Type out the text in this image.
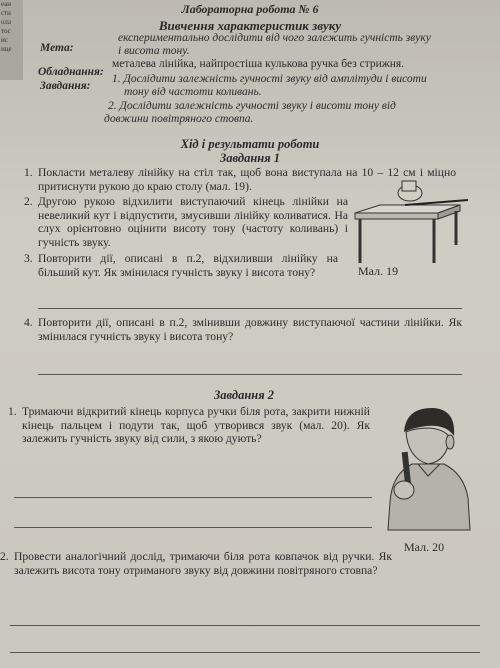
еан
стн
ола
тос
ис
ице
Лабораторна робота № 6
Вивчення характеристик звуку
Мета:
експериментально дослідити від чого залежить гучність звуку
і висота тону.
Обладнання:
металева лінійка, найпростіша кулькова ручка без стрижня.
Завдання:
1. Дослідити залежність гучності звуку від амплітуди і висоти
тону від частоти коливань.
2. Дослідити залежність гучності звуку і висоти тону від
довжини повітряного стовпа.
Хід і результати роботи
Завдання 1
1. Покласти металеву лінійку на стіл так, щоб вона виступала на 10 – 12 см і міцно притиснути рукою до краю столу (мал. 19).
2. Другою рукою відхилити виступаючий кінець лінійки на невеликий кут і відпустити, змусивши лінійку коливатися. На слух орієнтовно оцінити висоту тону (частоту коливань) і гучність звуку.
3. Повторити дії, описані в п.2, відхиливши лінійку на більший кут. Як змінилася гучність звуку і висота тону?	Мал. 19
4. Повторити дії, описані в п.2, змінивши довжину виступаючої частини лінійки. Як змінилася гучність звуку і висота тону?
Завдання 2
1. Тримаючи відкритий кінець корпуса ручки біля рота, закрити нижній кінець пальцем і подути так, щоб утворився звук (мал. 20). Як залежить гучність звуку від сили, з якою дують?
Мал. 20
2. Провести аналогічний дослід, тримаючи біля рота ковпачок від ручки. Як залежить висота тону отриманого звуку від довжини повітряного стовпа?
